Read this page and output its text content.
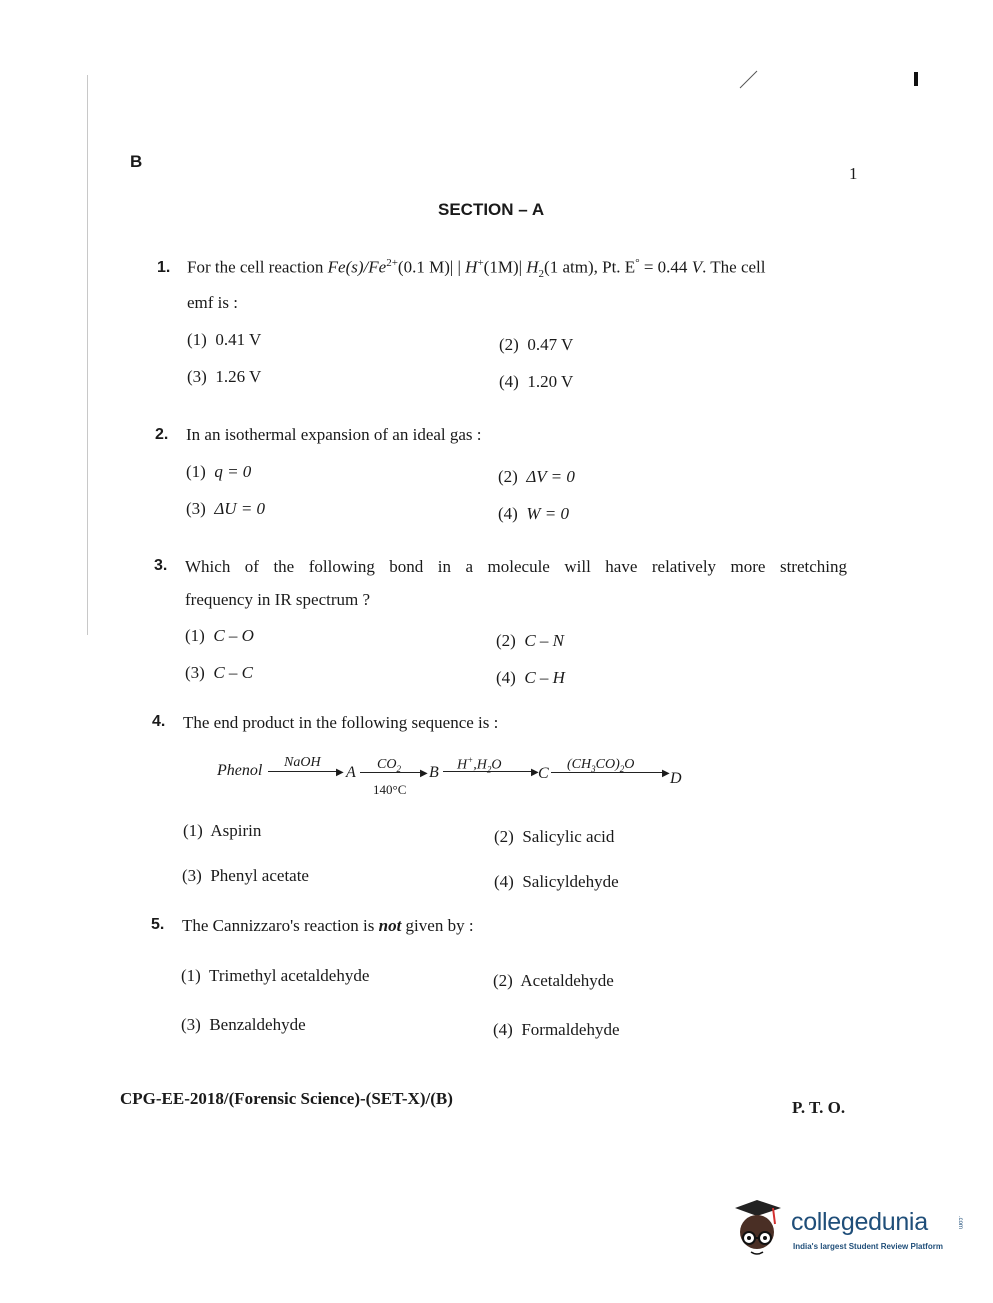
B
1
SECTION – A
1. For the cell reaction $Fe(s)/Fe^{2+}(0.1$ M)| | H+(1M)| $H_2(1$ atm), Pt. E° = 0.44 V. The cell
emf is :
(1) 0.41 V	(2) 0.47 V
(3) 1.26 V	(4) 1.20 V
2. In an isothermal expansion of an ideal gas :
(1) q = 0	(2) ΔV = 0
(3) ΔU = 0	(4) W = 0
3. Which of the following bond in a molecule will have relatively more stretching
frequency in IR spectrum ?
(1) C – O	(2) C – N
(3) C – C	(4) C – H
4. The end product in the following sequence is :
Phenol	▶
NaOH
A	▶
$CO_2$
140°C
B	▶
$H^+,H_2O$ C	▶
$(CH_3CO)_2O$
D
(1) Aspirin	(2) Salicylic acid
(3) Phenyl acetate	(4) Salicyldehyde
5. The Cannizzaro's reaction is not given by :
(1) Trimethyl acetaldehyde	(2) Acetaldehyde
(3) Benzaldehyde	(4) Formaldehyde
CPG-EE-2018/(Forensic Science)-(SET-X)/(B)	P. T. O.
collegedunia	.com
India's largest Student Review Platform
